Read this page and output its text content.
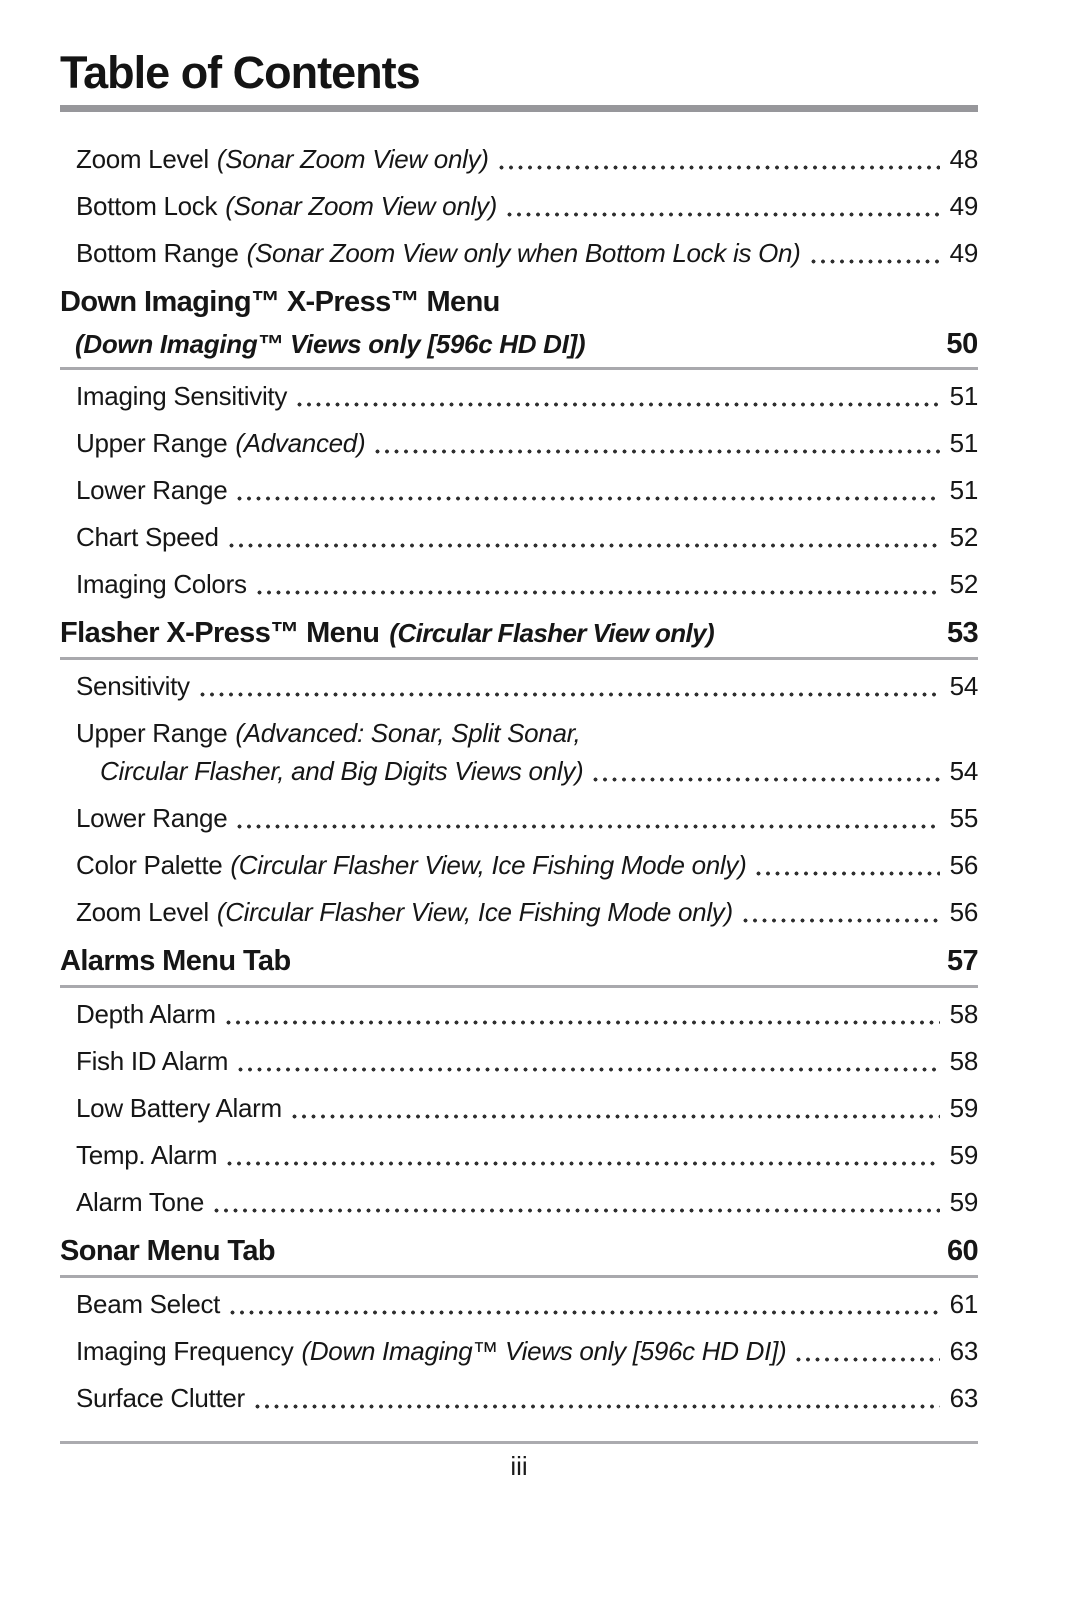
Table of Contents
Zoom Level (Sonar Zoom View only)	48
Bottom Lock (Sonar Zoom View only)	49
Bottom Range (Sonar Zoom View only when Bottom Lock is On)	49
Down Imaging™ X-Press™ Menu
(Down Imaging™ Views only [596c HD DI])	50
Imaging Sensitivity	51
Upper Range (Advanced)	51
Lower Range	51
Chart Speed	52
Imaging Colors	52
Flasher X-Press™ Menu (Circular Flasher View only)	53
Sensitivity	54
Upper Range (Advanced: Sonar, Split Sonar,
Circular Flasher, and Big Digits Views only)	54
Lower Range	55
Color Palette (Circular Flasher View, Ice Fishing Mode only)	56
Zoom Level (Circular Flasher View, Ice Fishing Mode only)	56
Alarms Menu Tab	57
Depth Alarm	58
Fish ID Alarm	58
Low Battery Alarm	59
Temp. Alarm	59
Alarm Tone	59
Sonar Menu Tab	60
Beam Select	61
Imaging Frequency (Down Imaging™ Views only [596c HD DI])	63
Surface Clutter	63
iii
